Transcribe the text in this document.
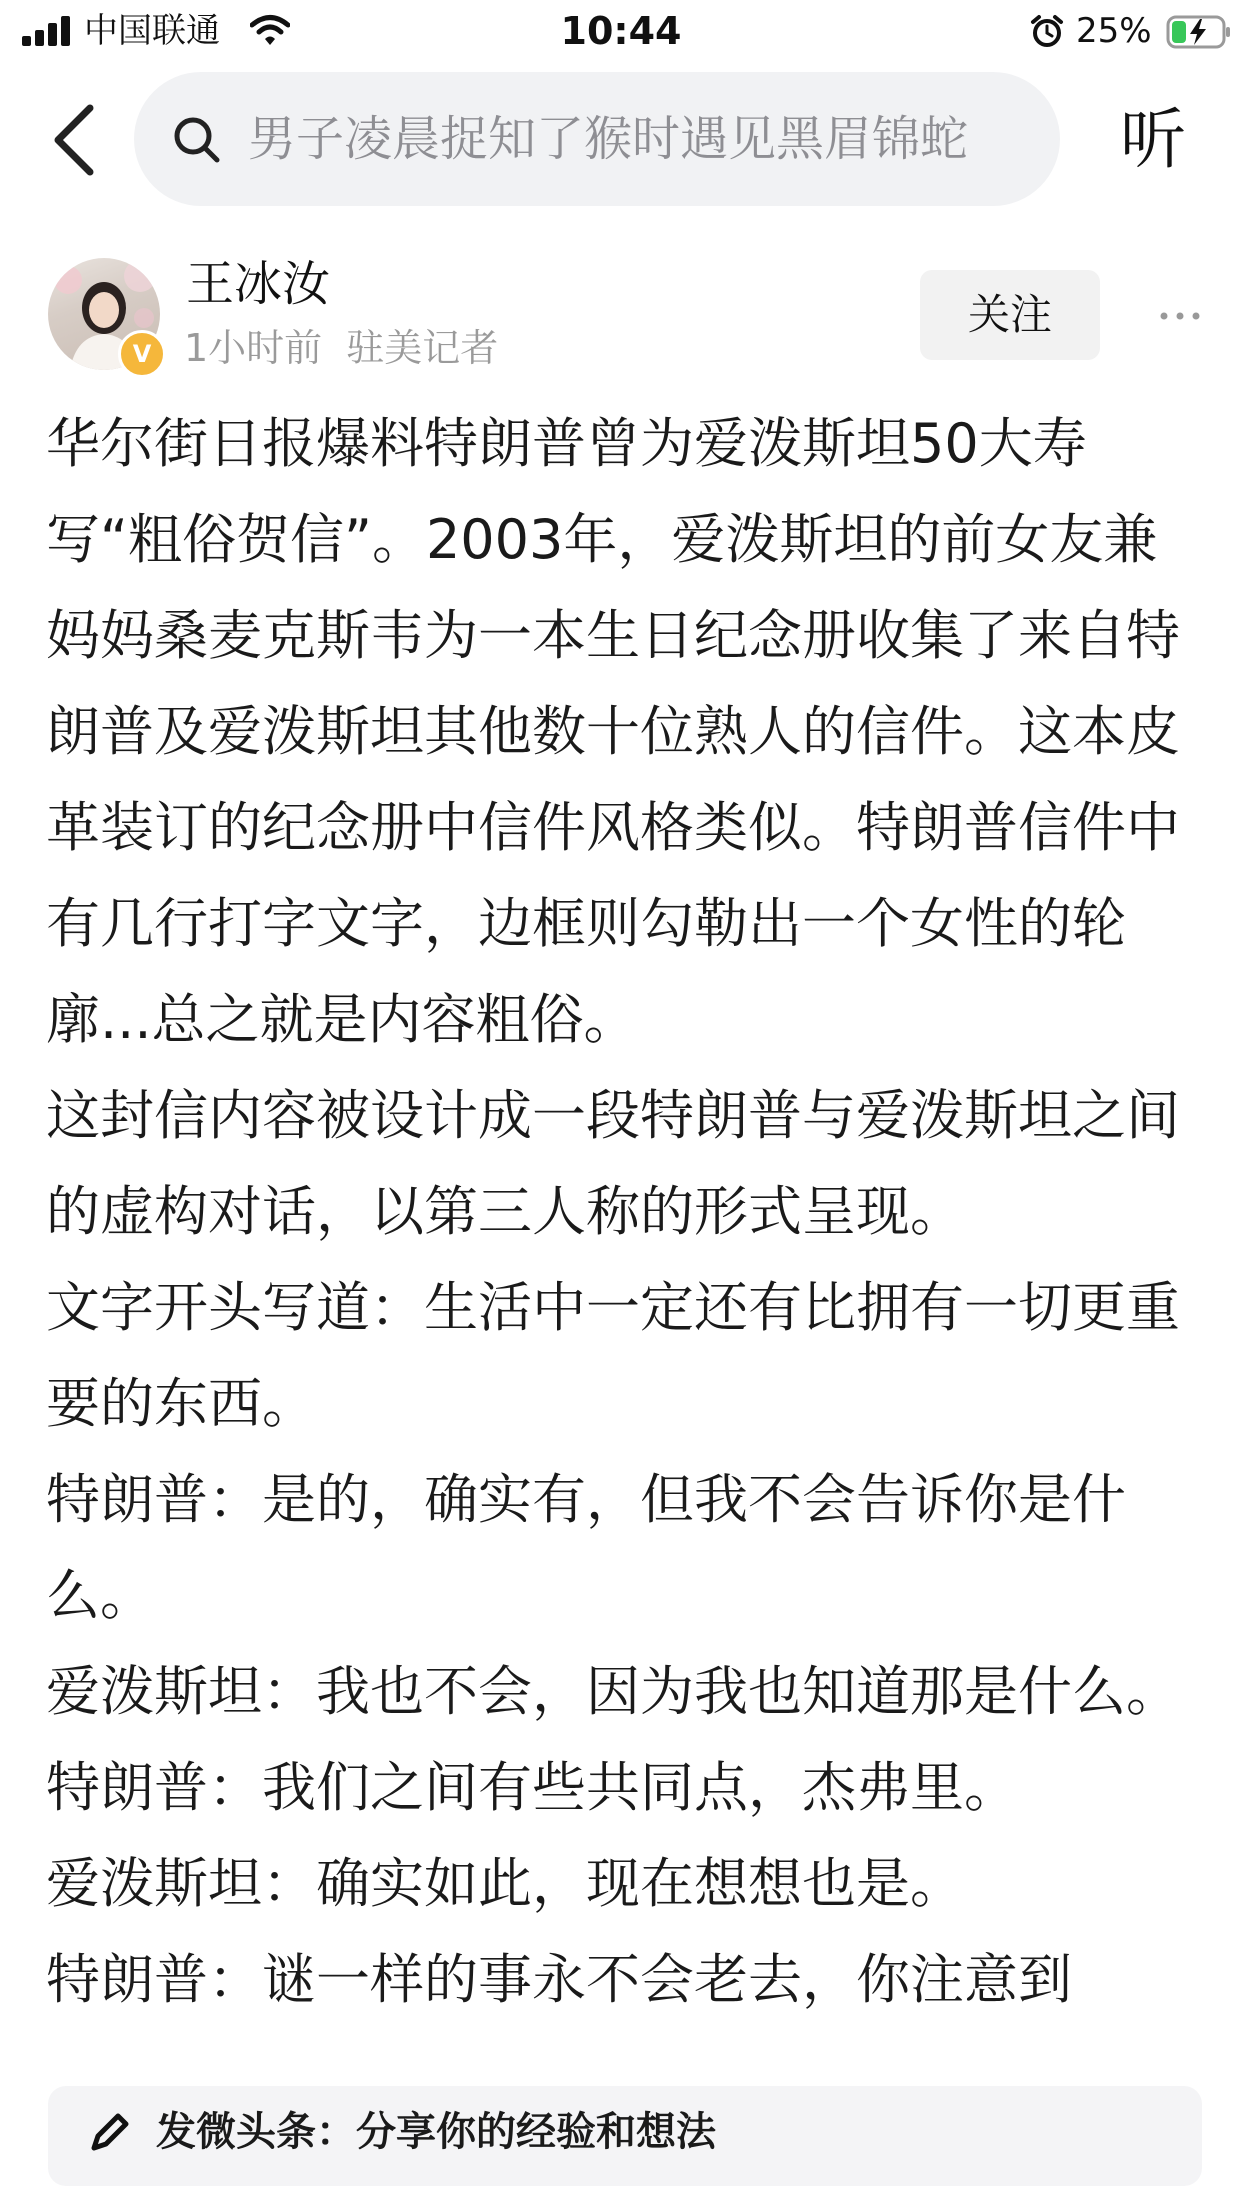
中国联通	10:44	25%
男子凌晨捉知了猴时遇见黑眉锦蛇	听
V
王冰汝
1小时前 驻美记者
关注

华尔街日报爆料特朗普曾为爱泼斯坦50大寿写“粗俗贺信”。2003年，爱泼斯坦的前女友兼妈妈桑麦克斯韦为一本生日纪念册收集了来自特朗普及爱泼斯坦其他数十位熟人的信件。这本皮革装订的纪念册中信件风格类似。特朗普信件中有几行打字文字，边框则勾勒出一个女性的轮廓...总之就是内容粗俗。

这封信内容被设计成一段特朗普与爱泼斯坦之间的虚构对话，以第三人称的形式呈现。

文字开头写道：生活中一定还有比拥有一切更重要的东西。

特朗普：是的，确实有，但我不会告诉你是什么。

爱泼斯坦：我也不会，因为我也知道那是什么。

特朗普：我们之间有些共同点，杰弗里。

爱泼斯坦：确实如此，现在想想也是。

特朗普：谜一样的事永不会老去，你注意到

发微头条：分享你的经验和想法
